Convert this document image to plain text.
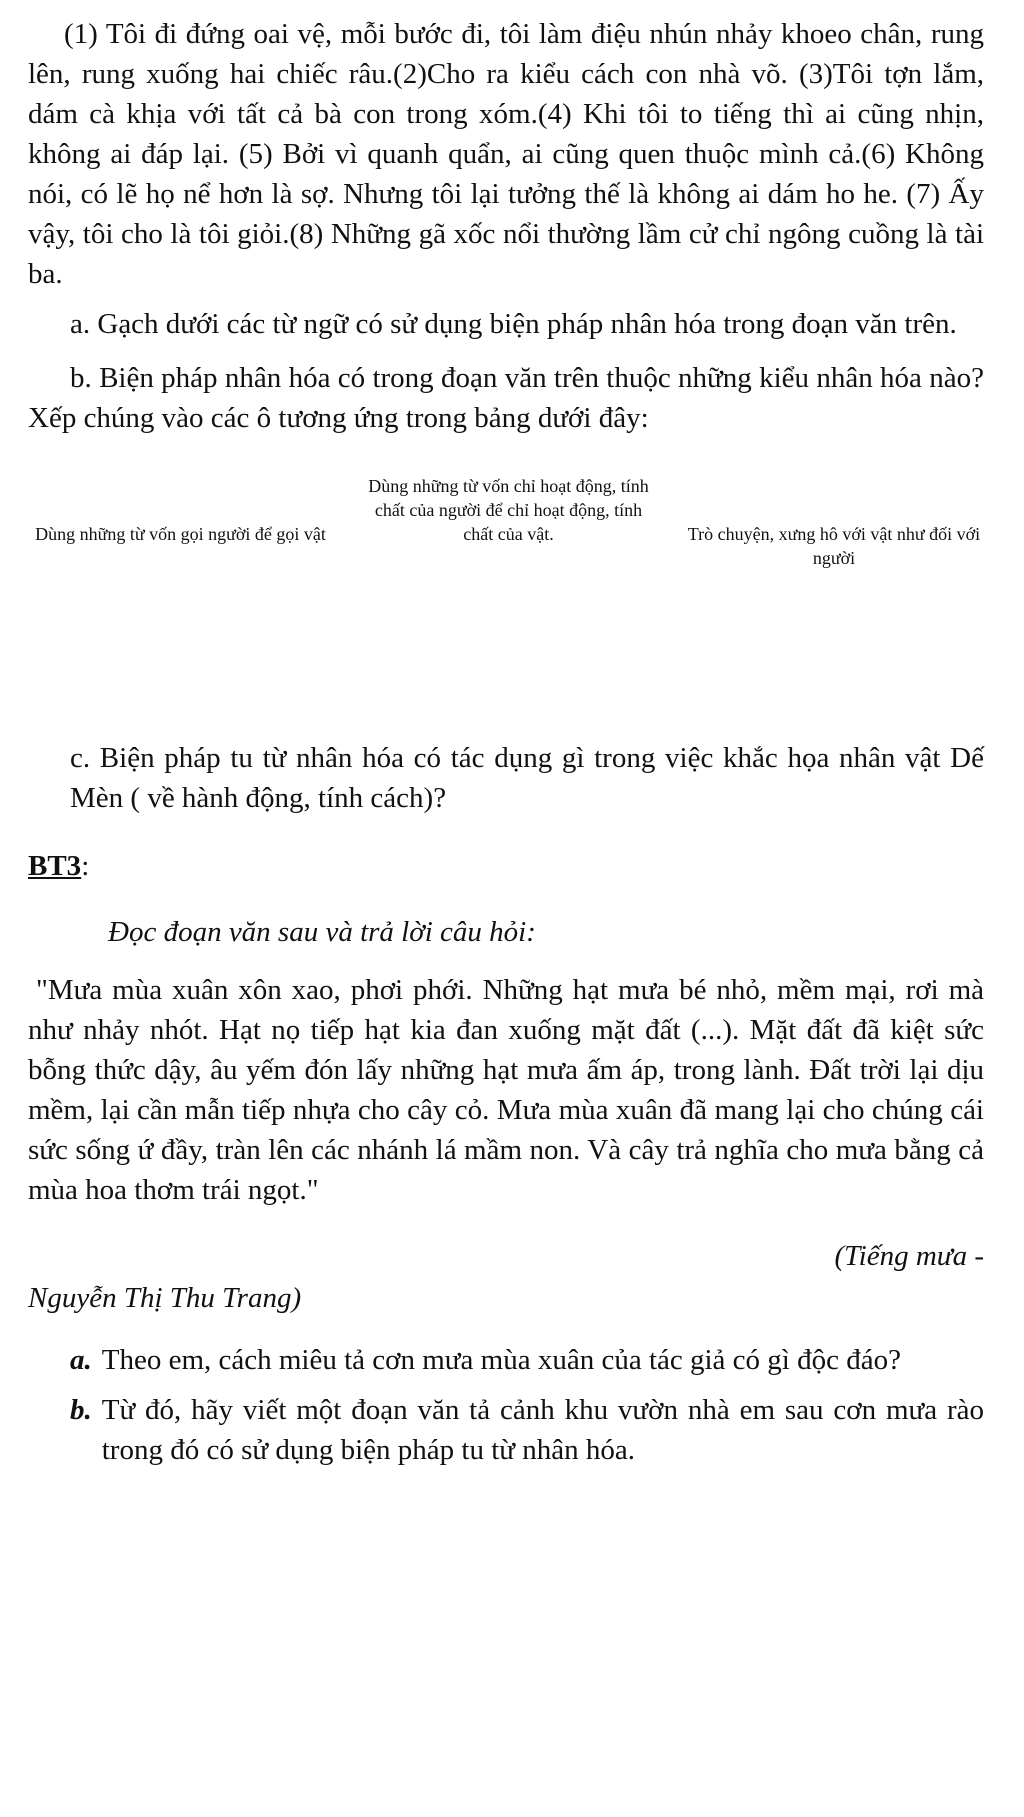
(1) Tôi đi đứng oai vệ, mỗi bước đi, tôi làm điệu nhún nhảy khoeo chân, rung lên, rung xuống hai chiếc râu.(2)Cho ra kiểu cách con nhà võ. (3)Tôi tợn lắm, dám cà khịa với tất cả bà con trong xóm.(4) Khi tôi to tiếng thì ai cũng nhịn, không ai đáp lại. (5) Bởi vì quanh quẩn, ai cũng quen thuộc mình cả.(6) Không nói, có lẽ họ nể hơn là sợ. Nhưng tôi lại tưởng thế là không ai dám ho he. (7) Ấy vậy, tôi cho là tôi giỏi.(8) Những gã xốc nổi thường lầm cử chỉ ngông cuồng là tài ba.

a. Gạch dưới các từ ngữ có sử dụng biện pháp nhân hóa trong đoạn văn trên.

b. Biện pháp nhân hóa có trong đoạn văn trên thuộc những kiểu nhân hóa nào? Xếp chúng vào các ô tương ứng trong bảng dưới đây:

Dùng những từ vốn gọi người để gọi vật
Dùng những từ vốn chỉ hoạt động, tính chất của người để chỉ hoạt động, tính chất của vật.	Trò chuyện, xưng hô với vật như đối với người

c. Biện pháp tu từ nhân hóa có tác dụng gì trong việc khắc họa nhân vật Dế Mèn ( về hành động, tính cách)?

BT3:
Đọc đoạn văn sau và trả lời câu hỏi:

"Mưa mùa xuân xôn xao, phơi phới. Những hạt mưa bé nhỏ, mềm mại, rơi mà như nhảy nhót. Hạt nọ tiếp hạt kia đan xuống mặt đất (...). Mặt đất đã kiệt sức bỗng thức dậy, âu yếm đón lấy những hạt mưa ấm áp, trong lành. Đất trời lại dịu mềm, lại cần mẫn tiếp nhựa cho cây cỏ. Mưa mùa xuân đã mang lại cho chúng cái sức sống ứ đầy, tràn lên các nhánh lá mầm non. Và cây trả nghĩa cho mưa bằng cả mùa hoa thơm trái ngọt."

(Tiếng mưa -
Nguyễn Thị Thu Trang)
a. Theo em, cách miêu tả cơn mưa mùa xuân của tác giả có gì độc đáo?
b. Từ đó, hãy viết một đoạn văn tả cảnh khu vườn nhà em sau cơn mưa rào trong đó có sử dụng biện pháp tu từ nhân hóa.
